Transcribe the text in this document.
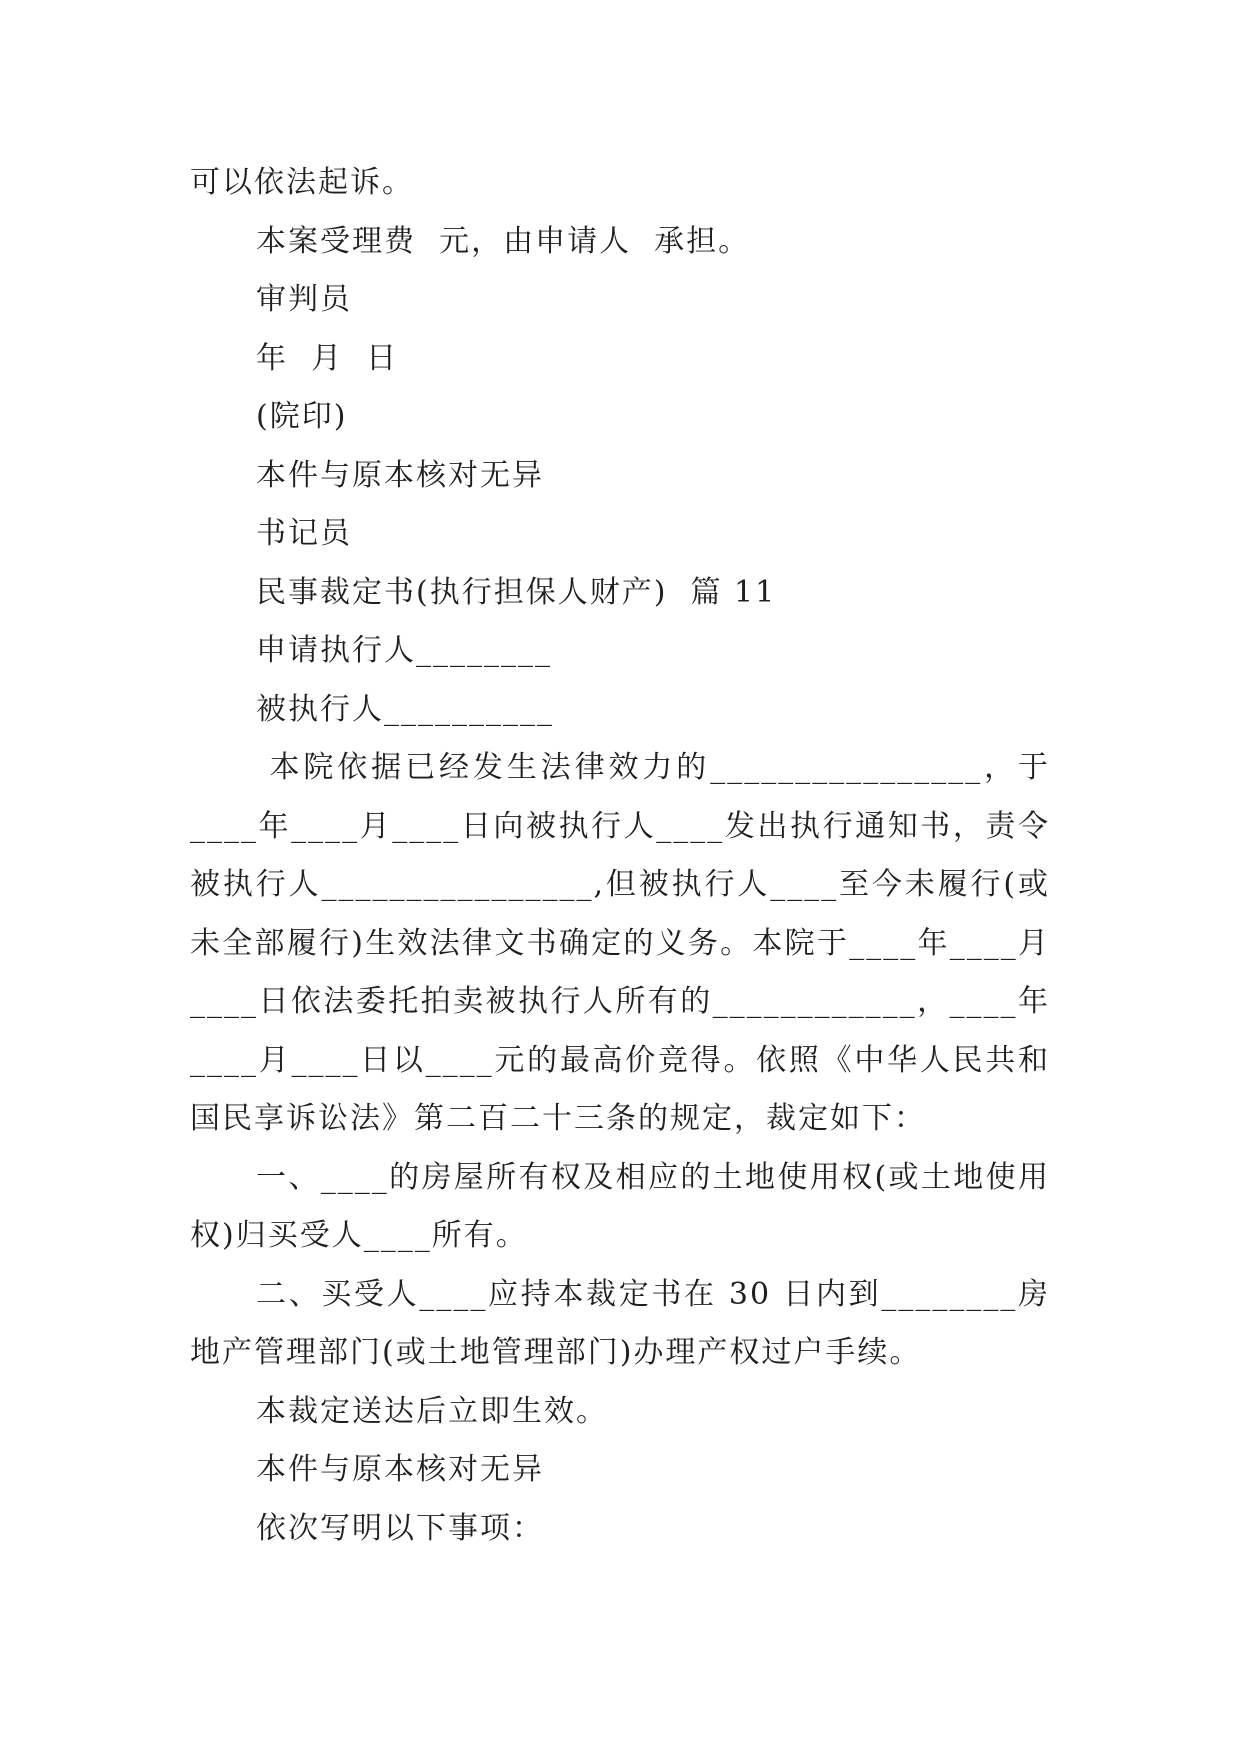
可以依法起诉。

本案受理费  元，由申请人  承担。

审判员

年  月  日

(院印)

本件与原本核对无异

书记员

民事裁定书(执行担保人财产)  篇 11

申请执行人________

被执行人__________

本院依据已经发生法律效力的________________，于____年____月____日向被执行人____发出执行通知书，责令被执行人________________,但被执行人____至今未履行(或未全部履行)生效法律文书确定的义务。本院于____年____月____日依法委托拍卖被执行人所有的____________，____年____月____日以____元的最高价竞得。依照《中华人民共和国民享诉讼法》第二百二十三条的规定，裁定如下：

一、____的房屋所有权及相应的土地使用权(或土地使用权)归买受人____所有。

二、买受人____应持本裁定书在 30 日内到________房地产管理部门(或土地管理部门)办理产权过户手续。

本裁定送达后立即生效。

本件与原本核对无异

依次写明以下事项：
